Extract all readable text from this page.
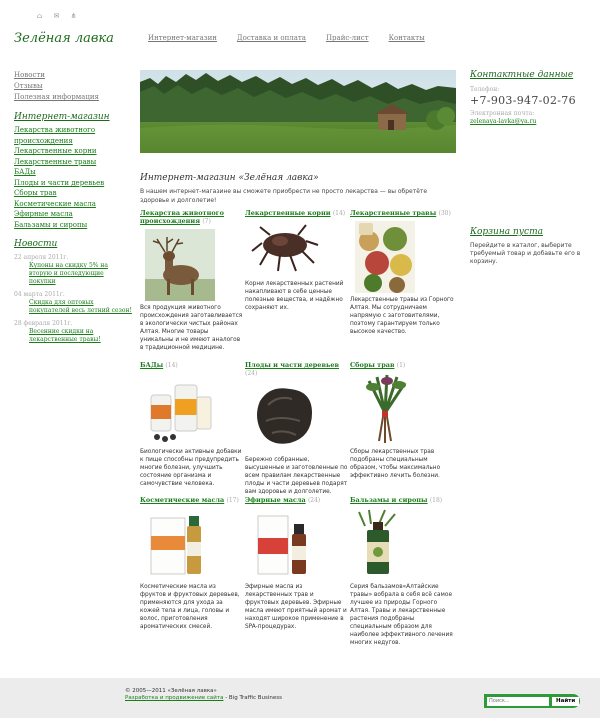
⌂ ✉ ⋔
Зелёная лавка	Интернет-магазин	Доставка и оплата	Прайс-лист	Контакты
Новости
Отзывы
Полезная информация
Интернет-магазин
Лекарства животного происхождения
Лекарственные корни
Лекарственные травы
БАДы
Плоды и части деревьев
Сборы трав
Косметические масла
Эфирные масла
Бальзамы и сиропы
Новости
22 апреля 2011г.
Купоны на скидку 5% на вторую и последующие покупки
04 марта 2011г.
Скидка для оптовых покупателей весь летний сезон!
28 февраля 2011г.
Весенние скидки на лекарственные травы!
Контактные данные
Телефон:
+7-903-947-02-76
Электронная почта:
zelenaya-lavka@ya.ru
Корзина пуста

Перейдите в каталог, выберите требуемый товар и добавьте его в корзину.

Интернет-магазин «Зелёная лавка»
В нашем интернет-магазине вы сможете приобрести не просто лекарства — вы обретёте здоровье и долголетие!
Лекарства животного происхождения (7)
Вся продукция животного происхождения заготавливается в экологически чистых районах Алтая. Многие товары уникальны и не имеют аналогов в традиционной медицине.
Лекарственные корни (14)
Корни лекарственных растений накапливают в себе ценные полезные вещества, и надёжно сохраняют их.
Лекарственные травы (30)
Лекарственные травы из Горного Алтая. Мы сотрудничаем напрямую с заготовителями, поэтому гарантируем только высокое качество.
БАДы (14)
Биологически активные добавки к пище способны предупредить многие болезни, улучшить состояние организма и самочувствие человека.
Плоды и части деревьев (24)
Бережно собранные, высушенные и заготовленные по всем правилам лекарственные плоды и части деревьев подарят вам здоровье и долголетие.
Сборы трав (1)
Сборы лекарственных трав подобраны специальным образом, чтобы максимально эффективно лечить болезни.
Косметические масла (17)
Косметические масла из фруктов и фруктовых деревьев, применяются для ухода за кожей тела и лица, головы и волос, приготовления ароматических смесей.
Эфирные масла (24)
Эфирные масла из лекарственных трав и фруктовых деревьев. Эфирные масла имеют приятный аромат и находят широкое применение в SPA-процедурах.
Бальзамы и сиропы (18)
Серия бальзамов«Алтайские травы» вобрала в себя всё самое лучшее из природы Горного Алтая. Травы и лекарственные растения подобраны специальным образом для наиболее эффективного лечения многих недугов.
© 2005—2011 «Зелёная лавка»
Разработка и продвижение сайта - Big Traffic Business
Поиск...	Найти
